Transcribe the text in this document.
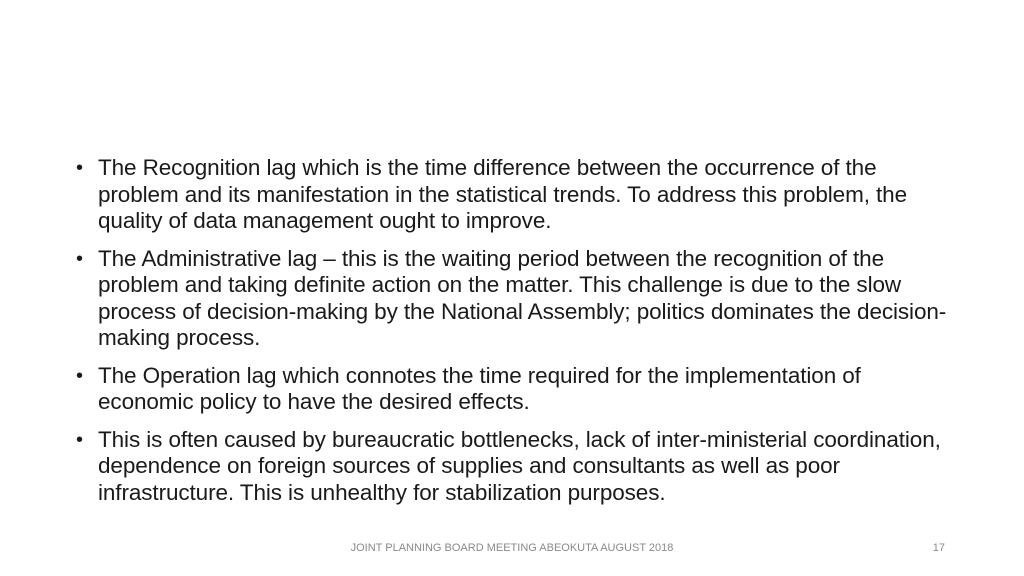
• The Recognition lag which is the time difference between the occurrence of the problem and its manifestation in the statistical trends. To address this problem, the quality of data management ought to improve.
• The Administrative lag – this is the waiting period between the recognition of the problem and taking definite action on the matter. This challenge is due to the slow process of decision-making by the National Assembly; politics dominates the decision-making process.
• The Operation lag which connotes the time required for the implementation of economic policy to have the desired effects.
• This is often caused by bureaucratic bottlenecks, lack of inter-ministerial coordination, dependence on foreign sources of supplies and consultants as well as poor infrastructure. This is unhealthy for stabilization purposes.
JOINT PLANNING BOARD MEETING ABEOKUTA AUGUST 2018	17
